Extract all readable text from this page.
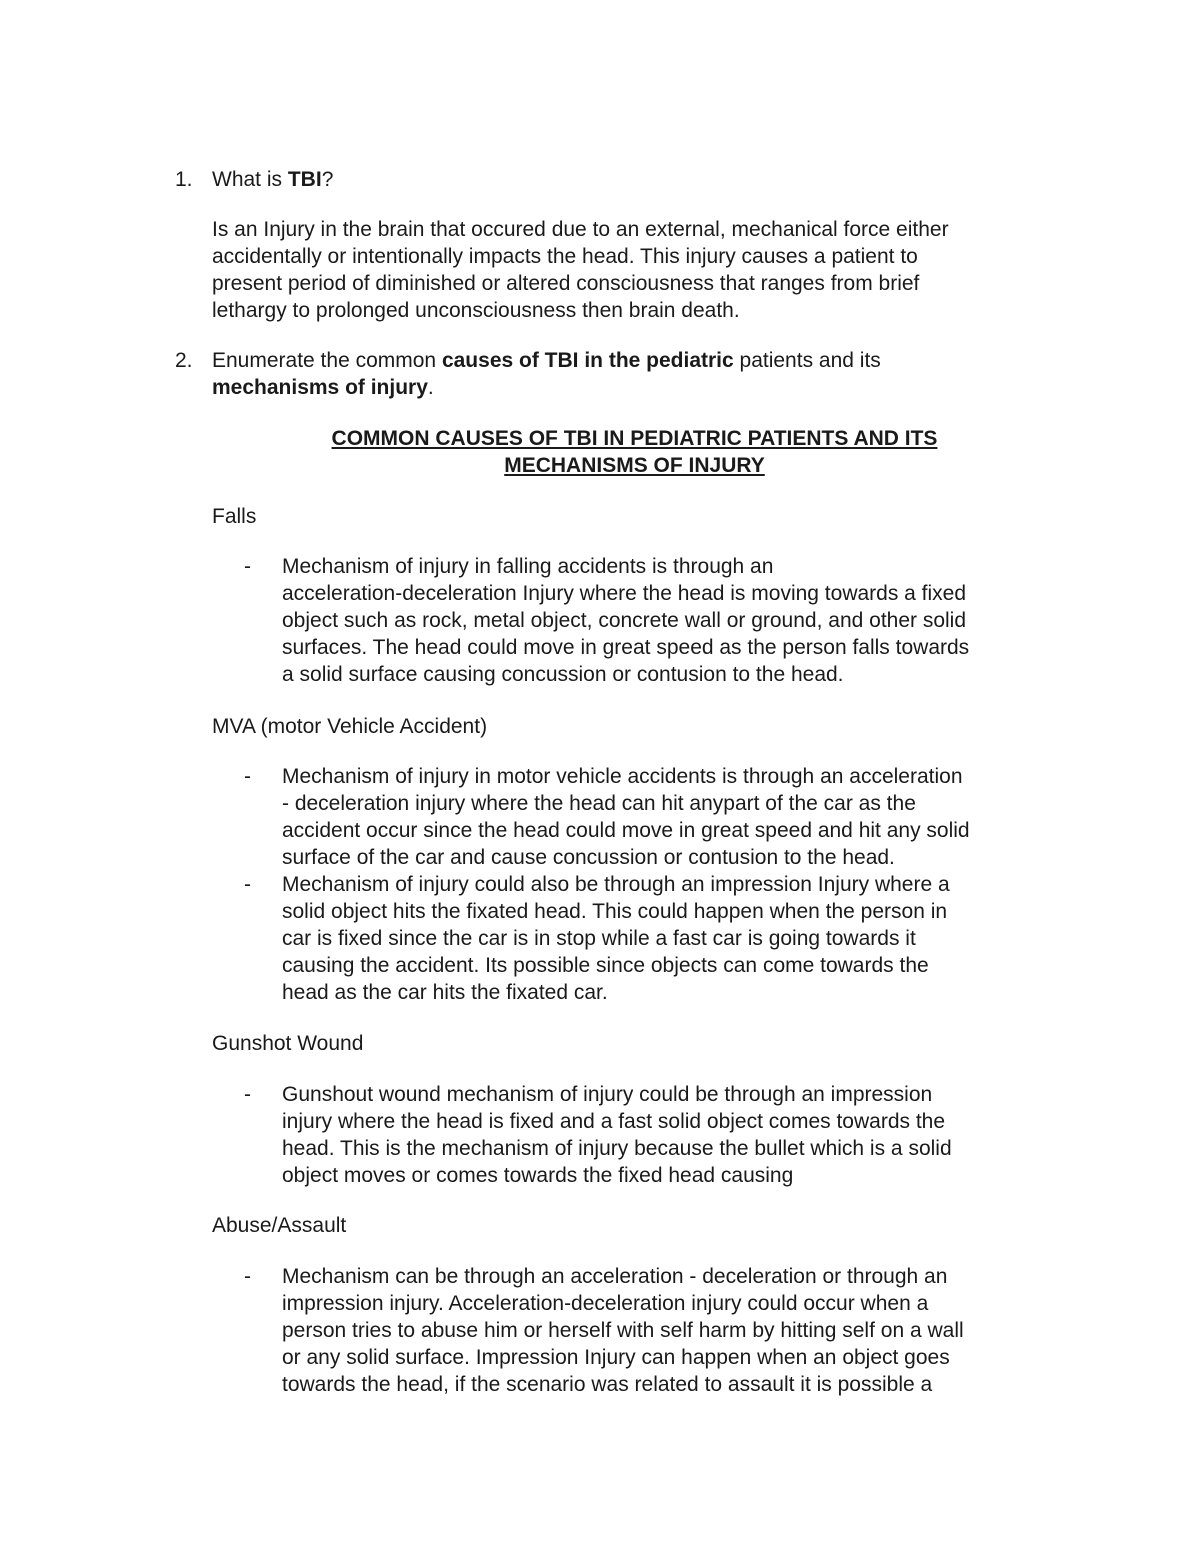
1. What is TBI?
Is an Injury in the brain that occured due to an external, mechanical force either
accidentally or intentionally impacts the head. This injury causes a patient to
present period of diminished or altered consciousness that ranges from brief
lethargy to prolonged unconsciousness then brain death.
2. Enumerate the common causes of TBI in the pediatric patients and its
mechanisms of injury.
COMMON CAUSES OF TBI IN PEDIATRIC PATIENTS AND ITS
MECHANISMS OF INJURY
Falls
- Mechanism of injury in falling accidents is through an
acceleration-deceleration Injury where the head is moving towards a fixed
object such as rock, metal object, concrete wall or ground, and other solid
surfaces. The head could move in great speed as the person falls towards
a solid surface causing concussion or contusion to the head.
MVA (motor Vehicle Accident)
- Mechanism of injury in motor vehicle accidents is through an acceleration
- deceleration injury where the head can hit anypart of the car as the
accident occur since the head could move in great speed and hit any solid
surface of the car and cause concussion or contusion to the head.
- Mechanism of injury could also be through an impression Injury where a
solid object hits the fixated head. This could happen when the person in
car is fixed since the car is in stop while a fast car is going towards it
causing the accident. Its possible since objects can come towards the
head as the car hits the fixated car.
Gunshot Wound
- Gunshout wound mechanism of injury could be through an impression
injury where the head is fixed and a fast solid object comes towards the
head. This is the mechanism of injury because the bullet which is a solid
object moves or comes towards the fixed head causing
Abuse/Assault
- Mechanism can be through an acceleration - deceleration or through an
impression injury. Acceleration-deceleration injury could occur when a
person tries to abuse him or herself with self harm by hitting self on a wall
or any solid surface. Impression Injury can happen when an object goes
towards the head, if the scenario was related to assault it is possible a
